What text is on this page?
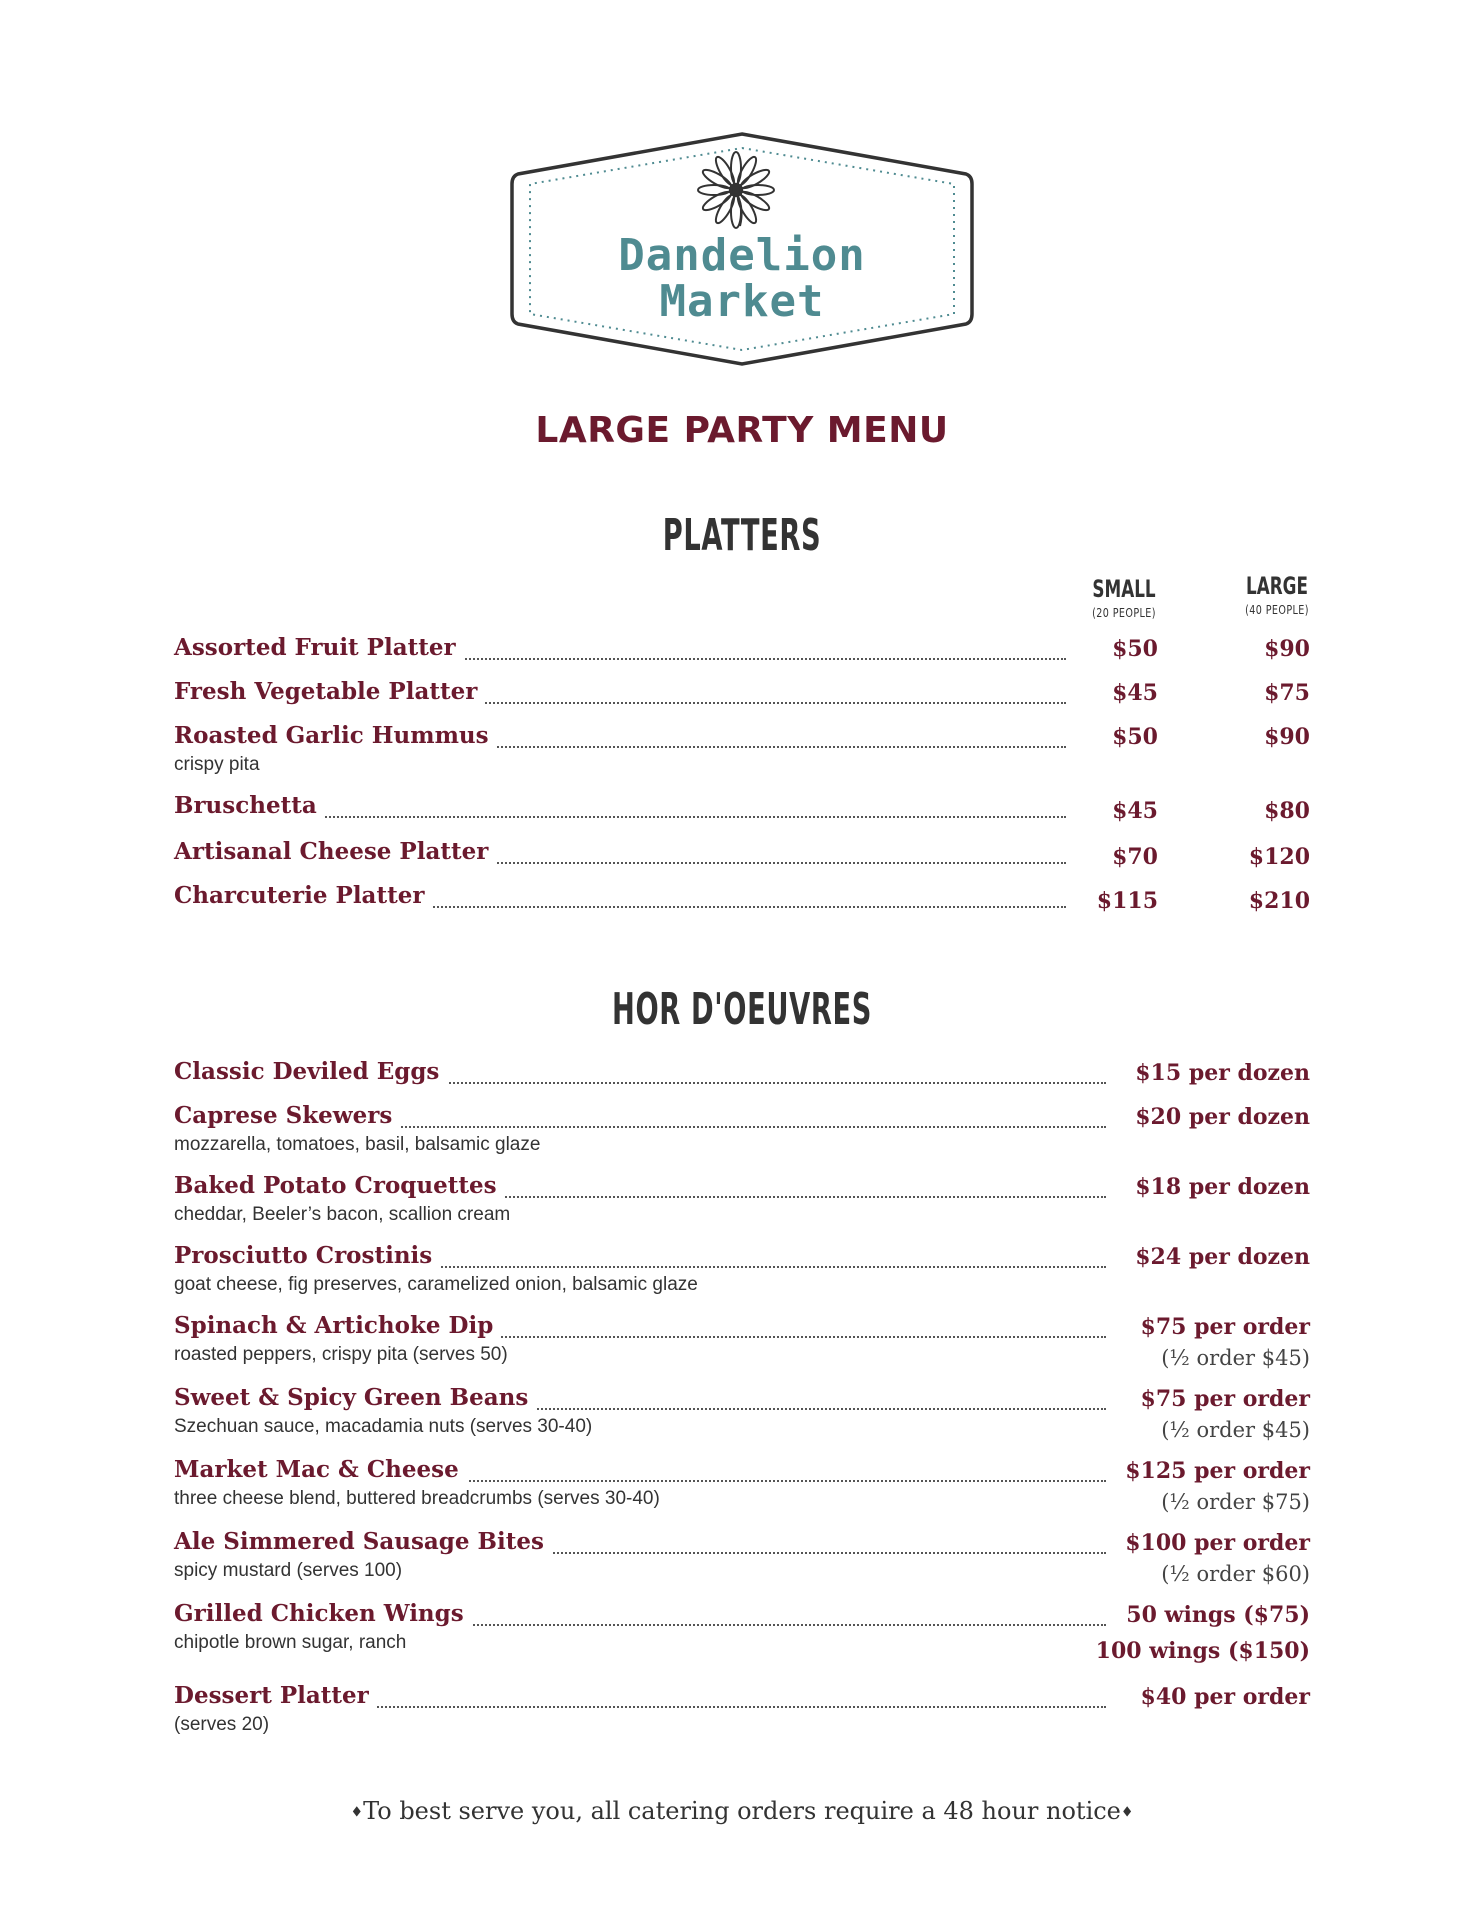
Dandelion
Market
LARGE PARTY MENU
PLATTERS
SMALL
(20 PEOPLE)
LARGE
(40 PEOPLE)
Assorted Fruit Platter	$50	$90
Fresh Vegetable Platter	$45	$75
Roasted Garlic Hummus	$50	$90
crispy pita
Bruschetta	$45	$80
Artisanal Cheese Platter	$70	$120
Charcuterie Platter	$115	$210
HOR D'OEUVRES
Classic Deviled Eggs	$15 per dozen
Caprese Skewers	$20 per dozen
mozzarella, tomatoes, basil, balsamic glaze
Baked Potato Croquettes	$18 per dozen
cheddar, Beeler’s bacon, scallion cream
Prosciutto Crostinis	$24 per dozen
goat cheese, fig preserves, caramelized onion, balsamic glaze
Spinach & Artichoke Dip	$75 per order
(½ order $45)
roasted peppers, crispy pita (serves 50)
Sweet & Spicy Green Beans	$75 per order
(½ order $45)
Szechuan sauce, macadamia nuts (serves 30-40)
Market Mac & Cheese	$125 per order
(½ order $75)
three cheese blend, buttered breadcrumbs (serves 30-40)
Ale Simmered Sausage Bites	$100 per order
(½ order $60)
spicy mustard (serves 100)
Grilled Chicken Wings	50 wings ($75)
100 wings ($150)
chipotle brown sugar, ranch
Dessert Platter	$40 per order
(serves 20)
♦To best serve you, all catering orders require a 48 hour notice♦
